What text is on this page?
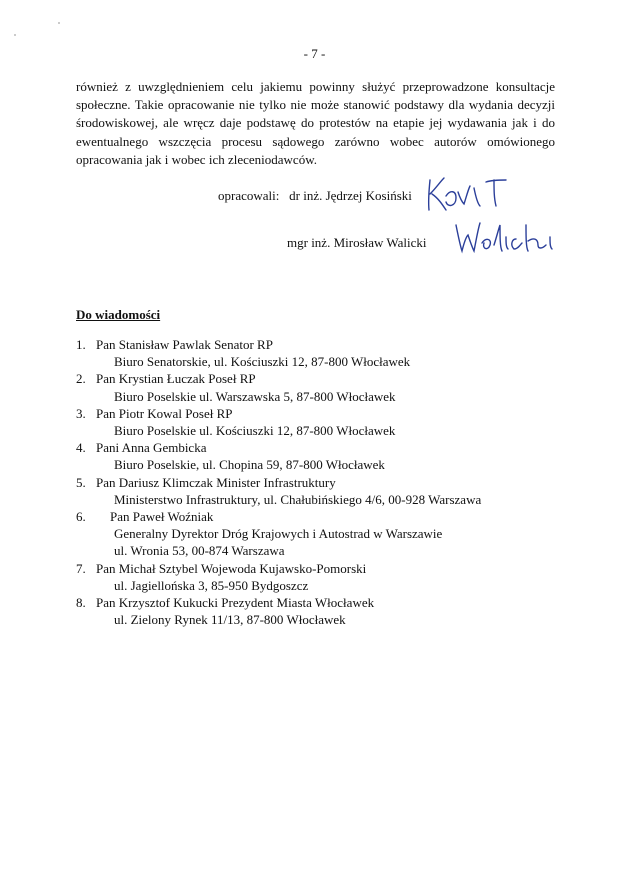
- 7 -

również z uwzględnieniem celu jakiemu powinny służyć przeprowadzone konsultacje społeczne. Takie opracowanie nie tylko nie może stanowić podstawy dla wydania decyzji środowiskowej, ale wręcz daje podstawę do protestów na etapie jej wydawania jak i do ewentualnego wszczęcia procesu sądowego zarówno wobec autorów omówionego opracowania jak i wobec ich zleceniodawców.

opracowali: dr inż. Jędrzej Kosiński
mgr inż. Mirosław Walicki
Do wiadomości
1. Pan Stanisław Pawlak Senator RP
Biuro Senatorskie, ul. Kościuszki 12, 87-800 Włocławek
2. Pan Krystian Łuczak Poseł RP
Biuro Poselskie ul. Warszawska 5, 87-800 Włocławek
3. Pan Piotr Kowal Poseł RP
Biuro Poselskie ul. Kościuszki 12, 87-800 Włocławek
4. Pani Anna Gembicka
Biuro Poselskie, ul. Chopina 59, 87-800 Włocławek
5. Pan Dariusz Klimczak Minister Infrastruktury
Ministerstwo Infrastruktury, ul. Chałubińskiego 4/6, 00-928 Warszawa
6.	Pan Paweł Woźniak
Generalny Dyrektor Dróg Krajowych i Autostrad w Warszawie
ul. Wronia 53, 00-874 Warszawa
7. Pan Michał Sztybel Wojewoda Kujawsko-Pomorski
ul. Jagiellońska 3, 85-950 Bydgoszcz
8. Pan Krzysztof Kukucki Prezydent Miasta Włocławek
ul. Zielony Rynek 11/13, 87-800 Włocławek
